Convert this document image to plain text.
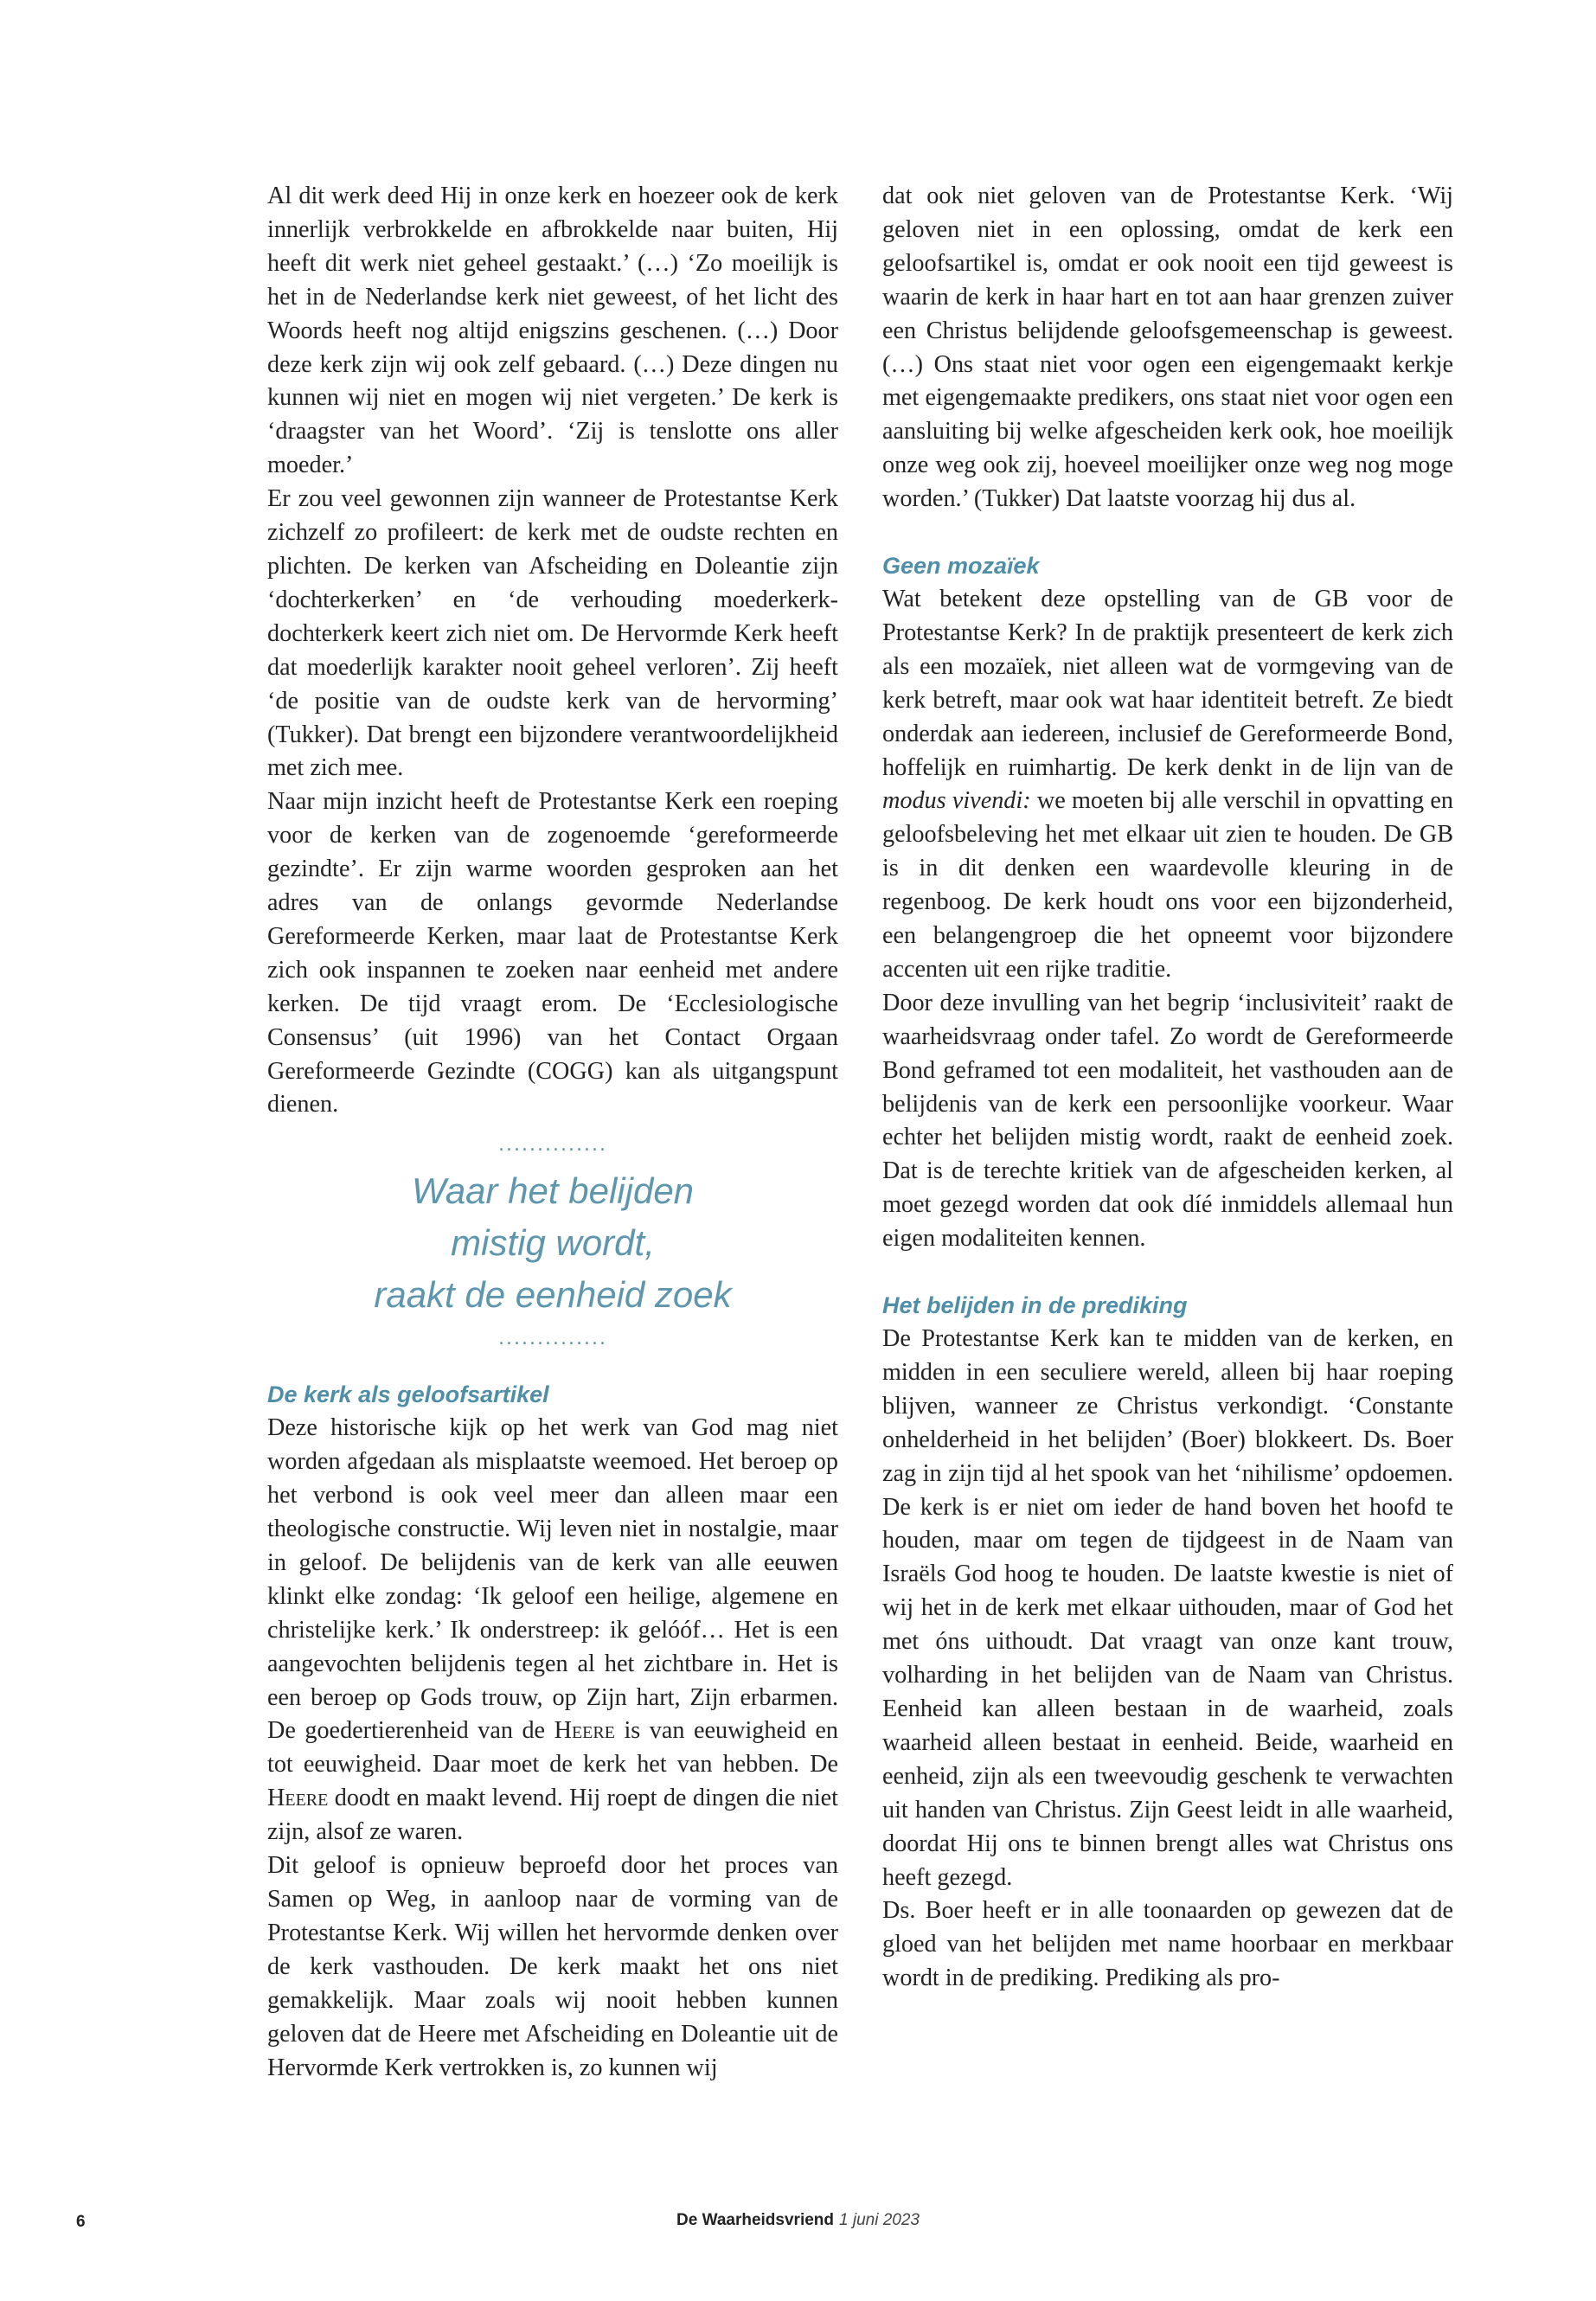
Al dit werk deed Hij in onze kerk en hoezeer ook de kerk innerlijk verbrokkelde en afbrokkelde naar buiten, Hij heeft dit werk niet geheel gestaakt.’ (…) ‘Zo moeilijk is het in de Nederlandse kerk niet geweest, of het licht des Woords heeft nog altijd enigszins geschenen. (…) Door deze kerk zijn wij ook zelf gebaard. (…) Deze dingen nu kunnen wij niet en mogen wij niet vergeten.’ De kerk is ‘draagster van het Woord’. ‘Zij is tenslotte ons aller moeder.’

Er zou veel gewonnen zijn wanneer de Protestantse Kerk zichzelf zo profileert: de kerk met de oudste rechten en plichten. De kerken van Afscheiding en Doleantie zijn ‘dochterkerken’ en ‘de verhouding moederkerk-dochterkerk keert zich niet om. De Hervormde Kerk heeft dat moederlijk karakter nooit geheel verloren’. Zij heeft ‘de positie van de oudste kerk van de hervorming’ (Tukker). Dat brengt een bijzondere verantwoordelijkheid met zich mee.

Naar mijn inzicht heeft de Protestantse Kerk een roeping voor de kerken van de zogenoemde ‘gereformeerde gezindte’. Er zijn warme woorden gesproken aan het adres van de onlangs gevormde Nederlandse Gereformeerde Kerken, maar laat de Protestantse Kerk zich ook inspannen te zoeken naar eenheid met andere kerken. De tijd vraagt erom. De ‘Ecclesiologische Consensus’ (uit 1996) van het Contact Orgaan Gereformeerde Gezindte (COGG) kan als uitgangspunt dienen.

..............
Waar het belijden
mistig wordt,
raakt de eenheid zoek
..............
De kerk als geloofsartikel

Deze historische kijk op het werk van God mag niet worden afgedaan als misplaatste weemoed. Het beroep op het verbond is ook veel meer dan alleen maar een theologische constructie. Wij leven niet in nostalgie, maar in geloof. De belijdenis van de kerk van alle eeuwen klinkt elke zondag: ‘Ik geloof een heilige, algemene en christelijke kerk.’ Ik onderstreep: ik gelóóf… Het is een aangevochten belijdenis tegen al het zichtbare in. Het is een beroep op Gods trouw, op Zijn hart, Zijn erbarmen. De goedertierenheid van de Heere is van eeuwigheid en tot eeuwigheid. Daar moet de kerk het van hebben. De Heere doodt en maakt levend. Hij roept de dingen die niet zijn, alsof ze waren.

Dit geloof is opnieuw beproefd door het proces van Samen op Weg, in aanloop naar de vorming van de Protestantse Kerk. Wij willen het hervormde denken over de kerk vasthouden. De kerk maakt het ons niet gemakkelijk. Maar zoals wij nooit hebben kunnen geloven dat de Heere met Afscheiding en Doleantie uit de Hervormde Kerk vertrokken is, zo kunnen wij

dat ook niet geloven van de Protestantse Kerk. ‘Wij geloven niet in een oplossing, omdat de kerk een geloofsartikel is, omdat er ook nooit een tijd geweest is waarin de kerk in haar hart en tot aan haar grenzen zuiver een Christus belijdende geloofsgemeenschap is geweest. (…) Ons staat niet voor ogen een eigengemaakt kerkje met eigengemaakte predikers, ons staat niet voor ogen een aansluiting bij welke afgescheiden kerk ook, hoe moeilijk onze weg ook zij, hoeveel moeilijker onze weg nog moge worden.’ (Tukker) Dat laatste voorzag hij dus al.

Geen mozaïek

Wat betekent deze opstelling van de GB voor de Protestantse Kerk? In de praktijk presenteert de kerk zich als een mozaïek, niet alleen wat de vormgeving van de kerk betreft, maar ook wat haar identiteit betreft. Ze biedt onderdak aan iedereen, inclusief de Gereformeerde Bond, hoffelijk en ruimhartig. De kerk denkt in de lijn van de modus vivendi: we moeten bij alle verschil in opvatting en geloofsbeleving het met elkaar uit zien te houden. De GB is in dit denken een waardevolle kleuring in de regenboog. De kerk houdt ons voor een bijzonderheid, een belangengroep die het opneemt voor bijzondere accenten uit een rijke traditie.

Door deze invulling van het begrip ‘inclusiviteit’ raakt de waarheidsvraag onder tafel. Zo wordt de Gereformeerde Bond geframed tot een modaliteit, het vasthouden aan de belijdenis van de kerk een persoonlijke voorkeur. Waar echter het belijden mistig wordt, raakt de eenheid zoek. Dat is de terechte kritiek van de afgescheiden kerken, al moet gezegd worden dat ook díé inmiddels allemaal hun eigen modaliteiten kennen.

Het belijden in de prediking

De Protestantse Kerk kan te midden van de kerken, en midden in een seculiere wereld, alleen bij haar roeping blijven, wanneer ze Christus verkondigt. ‘Constante onhelderheid in het belijden’ (Boer) blokkeert. Ds. Boer zag in zijn tijd al het spook van het ‘nihilisme’ opdoemen. De kerk is er niet om ieder de hand boven het hoofd te houden, maar om tegen de tijdgeest in de Naam van Israëls God hoog te houden. De laatste kwestie is niet of wij het in de kerk met elkaar uithouden, maar of God het met óns uithoudt. Dat vraagt van onze kant trouw, volharding in het belijden van de Naam van Christus. Eenheid kan alleen bestaan in de waarheid, zoals waarheid alleen bestaat in eenheid. Beide, waarheid en eenheid, zijn als een tweevoudig geschenk te verwachten uit handen van Christus. Zijn Geest leidt in alle waarheid, doordat Hij ons te binnen brengt alles wat Christus ons heeft gezegd.

Ds. Boer heeft er in alle toonaarden op gewezen dat de gloed van het belijden met name hoorbaar en merkbaar wordt in de prediking. Prediking als pro-

6	De Waarheidsvriend 1 juni 2023
